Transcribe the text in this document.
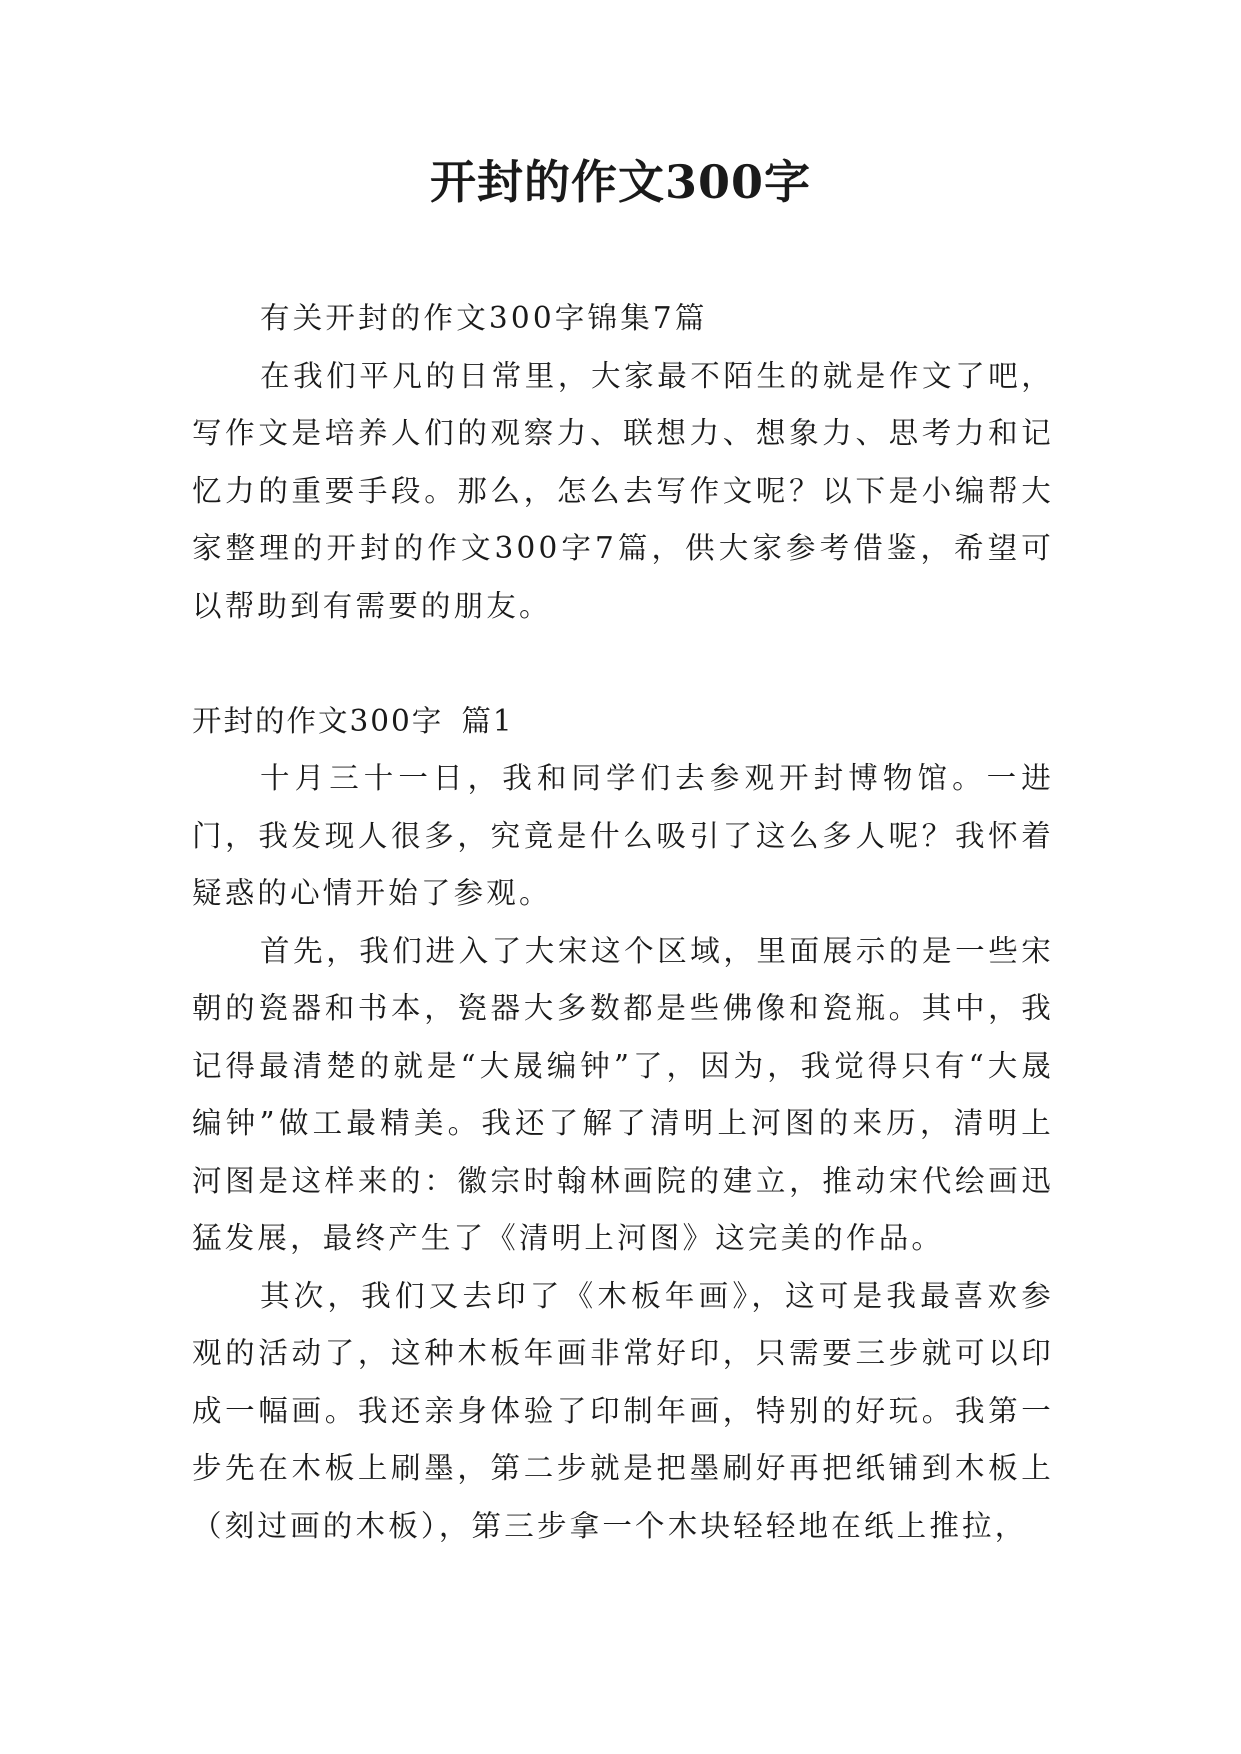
开封的作文300字

有关开封的作文300字锦集7篇

在我们平凡的日常里，大家最不陌生的就是作文了吧，写作文是培养人们的观察力、联想力、想象力、思考力和记忆力的重要手段。那么，怎么去写作文呢？以下是小编帮大家整理的开封的作文300字7篇，供大家参考借鉴，希望可以帮助到有需要的朋友。

开封的作文300字 篇1

十月三十一日，我和同学们去参观开封博物馆。一进门，我发现人很多，究竟是什么吸引了这么多人呢？我怀着疑惑的心情开始了参观。

首先，我们进入了大宋这个区域，里面展示的是一些宋朝的瓷器和书本，瓷器大多数都是些佛像和瓷瓶。其中，我记得最清楚的就是“大晟编钟”了，因为，我觉得只有“大晟编钟”做工最精美。我还了解了清明上河图的来历，清明上河图是这样来的：徽宗时翰林画院的建立，推动宋代绘画迅猛发展，最终产生了《清明上河图》这完美的作品。

其次，我们又去印了《木板年画》，这可是我最喜欢参观的活动了，这种木板年画非常好印，只需要三步就可以印成一幅画。我还亲身体验了印制年画，特别的好玩。我第一步先在木板上刷墨，第二步就是把墨刷好再把纸铺到木板上（刻过画的木板），第三步拿一个木块轻轻地在纸上推拉，
